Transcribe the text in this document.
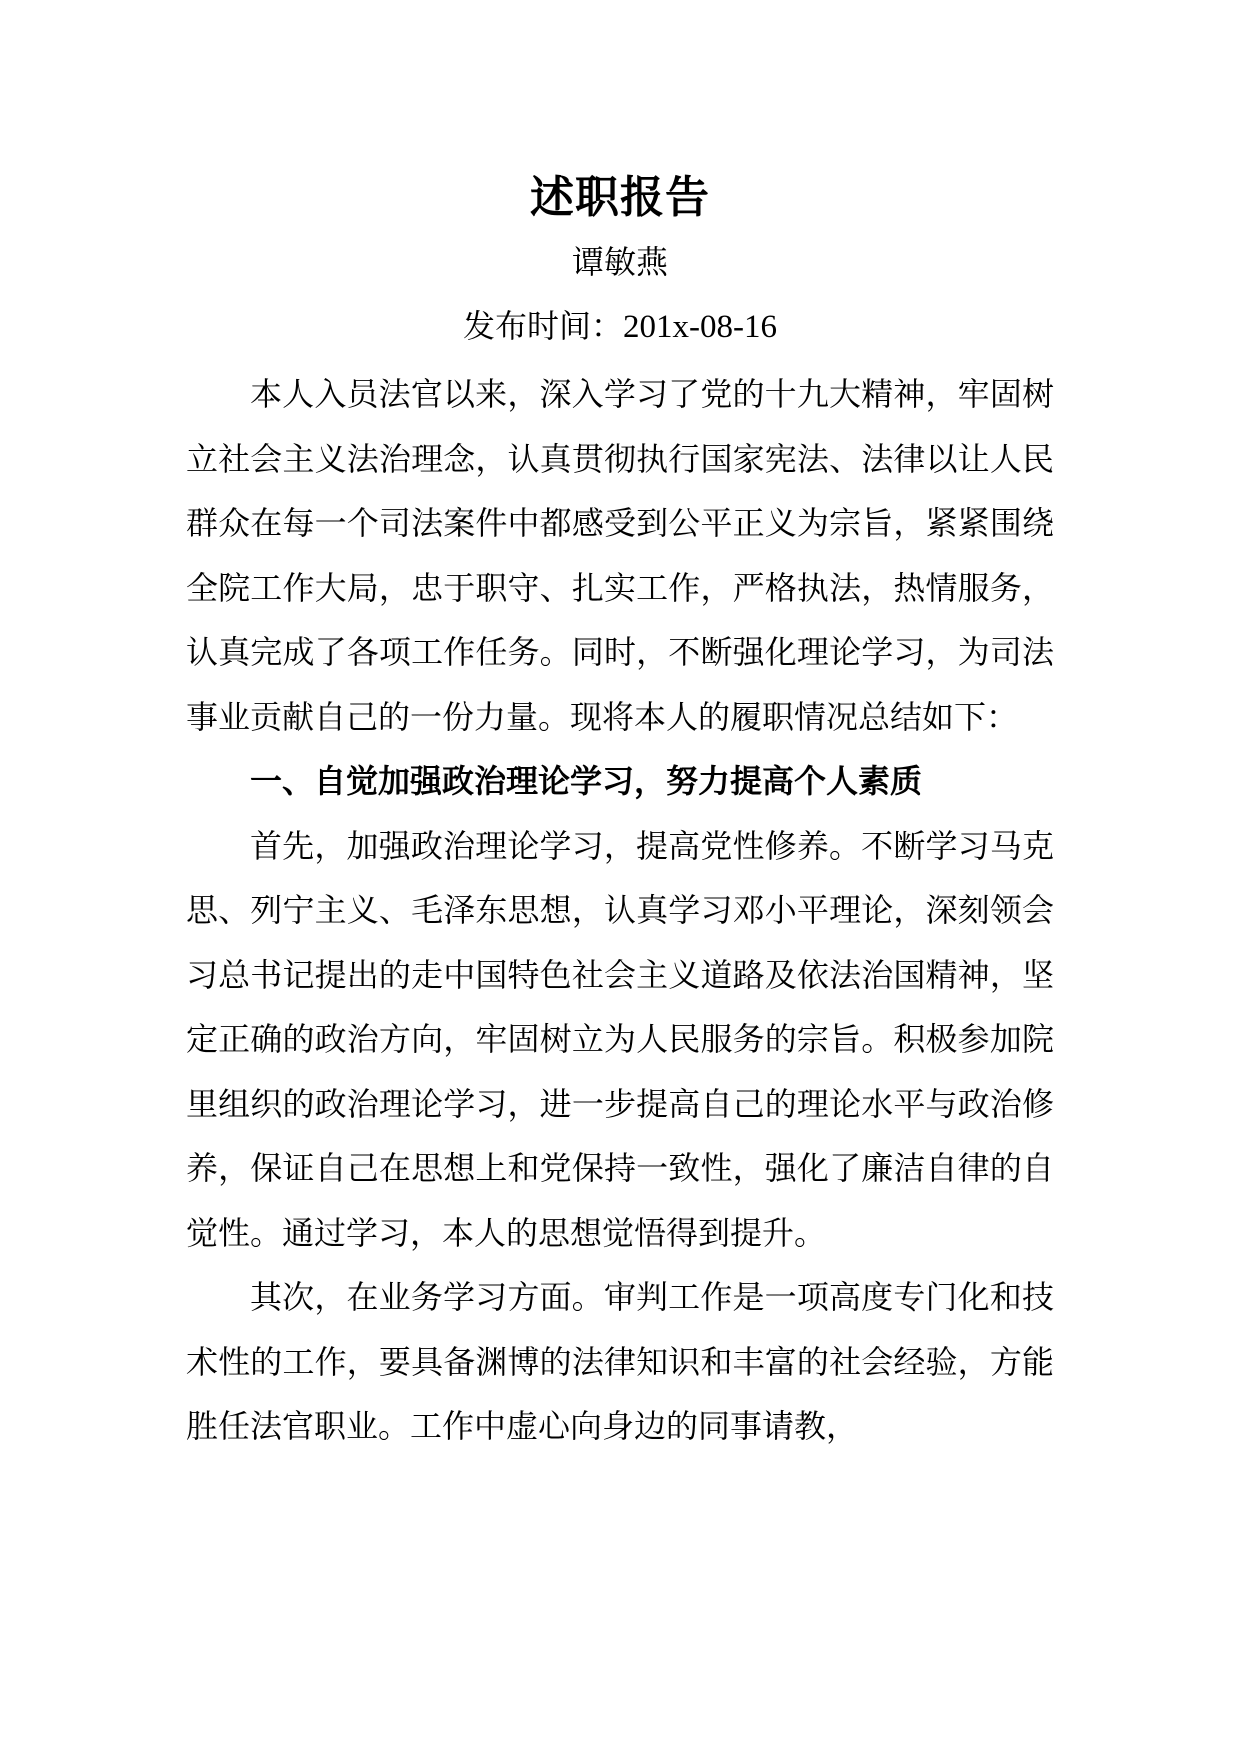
述职报告
谭敏燕
发布时间：201x-08-16

本人入员法官以来，深入学习了党的十九大精神，牢固树立社会主义法治理念，认真贯彻执行国家宪法、法律以让人民群众在每一个司法案件中都感受到公平正义为宗旨，紧紧围绕全院工作大局，忠于职守、扎实工作，严格执法，热情服务，认真完成了各项工作任务。同时，不断强化理论学习，为司法事业贡献自己的一份力量。现将本人的履职情况总结如下：

一、自觉加强政治理论学习，努力提高个人素质

首先，加强政治理论学习，提高党性修养。不断学习马克思、列宁主义、毛泽东思想，认真学习邓小平理论，深刻领会习总书记提出的走中国特色社会主义道路及依法治国精神，坚定正确的政治方向，牢固树立为人民服务的宗旨。积极参加院里组织的政治理论学习，进一步提高自己的理论水平与政治修养，保证自己在思想上和党保持一致性，强化了廉洁自律的自觉性。通过学习，本人的思想觉悟得到提升。

其次，在业务学习方面。审判工作是一项高度专门化和技术性的工作，要具备渊博的法律知识和丰富的社会经验，方能胜任法官职业。工作中虚心向身边的同事请教，
